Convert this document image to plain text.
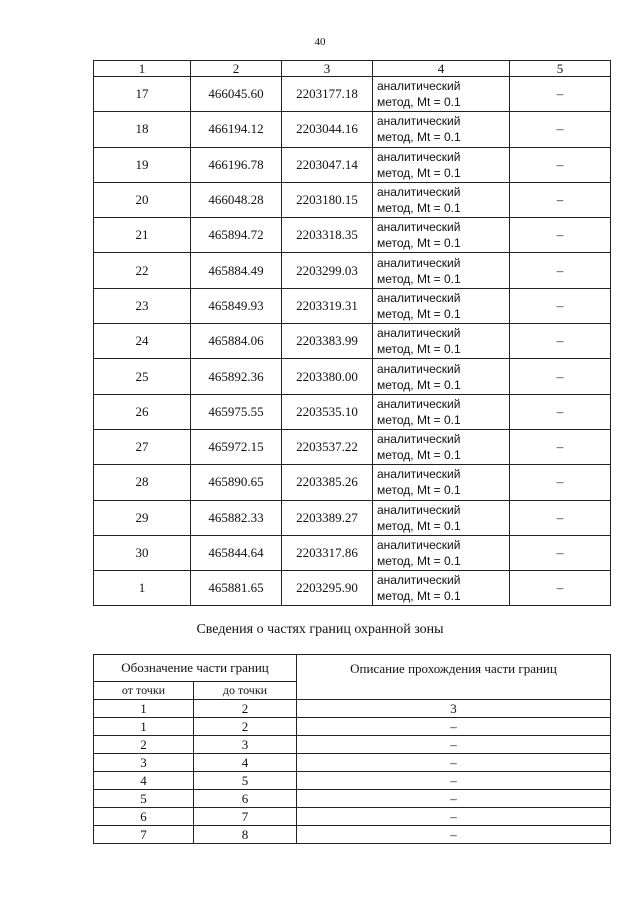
40
1	2	3	4	5
17	466045.60	2203177.18	аналитический
метод, Mt = 0.1	–
18	466194.12	2203044.16	аналитический
метод, Mt = 0.1	–
19	466196.78	2203047.14	аналитический
метод, Mt = 0.1	–
20	466048.28	2203180.15	аналитический
метод, Mt = 0.1	–
21	465894.72	2203318.35	аналитический
метод, Mt = 0.1	–
22	465884.49	2203299.03	аналитический
метод, Mt = 0.1	–
23	465849.93	2203319.31	аналитический
метод, Mt = 0.1	–
24	465884.06	2203383.99	аналитический
метод, Mt = 0.1	–
25	465892.36	2203380.00	аналитический
метод, Mt = 0.1	–
26	465975.55	2203535.10	аналитический
метод, Mt = 0.1	–
27	465972.15	2203537.22	аналитический
метод, Mt = 0.1	–
28	465890.65	2203385.26	аналитический
метод, Mt = 0.1	–
29	465882.33	2203389.27	аналитический
метод, Mt = 0.1	–
30	465844.64	2203317.86	аналитический
метод, Mt = 0.1	–
1	465881.65	2203295.90	аналитический
метод, Mt = 0.1	–
Сведения о частях границ охранной зоны
Обозначение части границ		Описание прохождения части границ
от точки	до точки	
1	2	3
1	2	–
2	3	–
3	4	–
4	5	–
5	6	–
6	7	–
7	8	–
